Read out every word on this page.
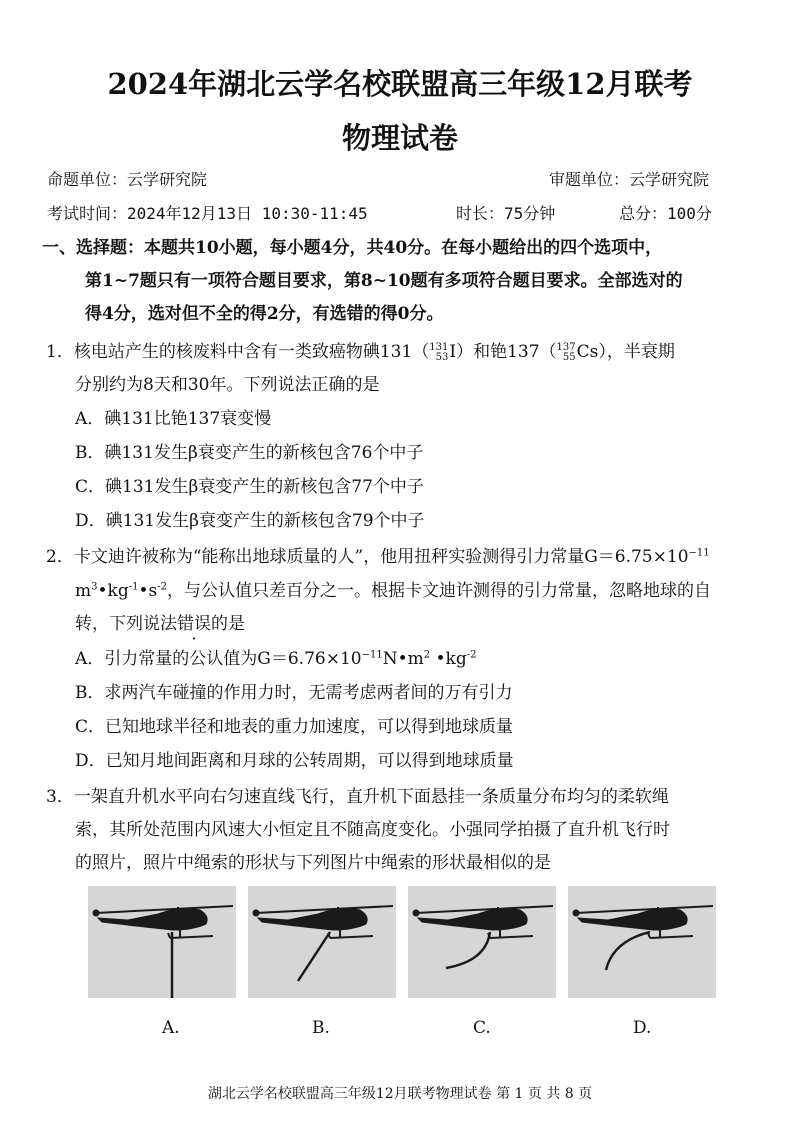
2024年湖北云学名校联盟高三年级12月联考
物理试卷
命题单位：云学研究院	审题单位：云学研究院
考试时间：2024年12月13日 10:30-11:45	时长：75分钟	总分：100分
一、选择题：本题共10小题，每小题4分，共40分。在每小题给出的四个选项中，
第1~7题只有一项符合题目要求，第8~10题有多项符合题目要求。全部选对的
得4分，选对但不全的得2分，有选错的得0分。
1．核电站产生的核废料中含有一类致癌物碘131（ 131
53 I）和铯137（ 137
55 Cs），半衰期
分别约为8天和30年。下列说法正确的是
A．碘131比铯137衰变慢
B．碘131发生β衰变产生的新核包含76个中子
C．碘131发生β衰变产生的新核包含77个中子
D．碘131发生β衰变产生的新核包含79个中子
2．卡文迪许被称为“能称出地球质量的人”，他用扭秤实验测得引力常量$G=6.75\times 10^{-11}$
$m^3•kg^{-1}•s^{-2}$，与公认值只差百分之一。根据卡文迪许测得的引力常量，忽略地球的自
转，下列说法错误的是
A．引力常量的公认值为$G=6.76\times 10^{-11}N•m^2$ $•kg^{-2}$
B．求两汽车碰撞的作用力时，无需考虑两者间的万有引力
C．已知地球半径和地表的重力加速度，可以得到地球质量
D．已知月地间距离和月球的公转周期，可以得到地球质量
3．一架直升机水平向右匀速直线飞行，直升机下面悬挂一条质量分布均匀的柔软绳
索，其所处范围内风速大小恒定且不随高度变化。小强同学拍摄了直升机飞行时
的照片，照片中绳索的形状与下列图片中绳索的形状最相似的是
A.	B.	C.	D.
湖北云学名校联盟高三年级12月联考物理试卷 第 1 页 共 8 页
